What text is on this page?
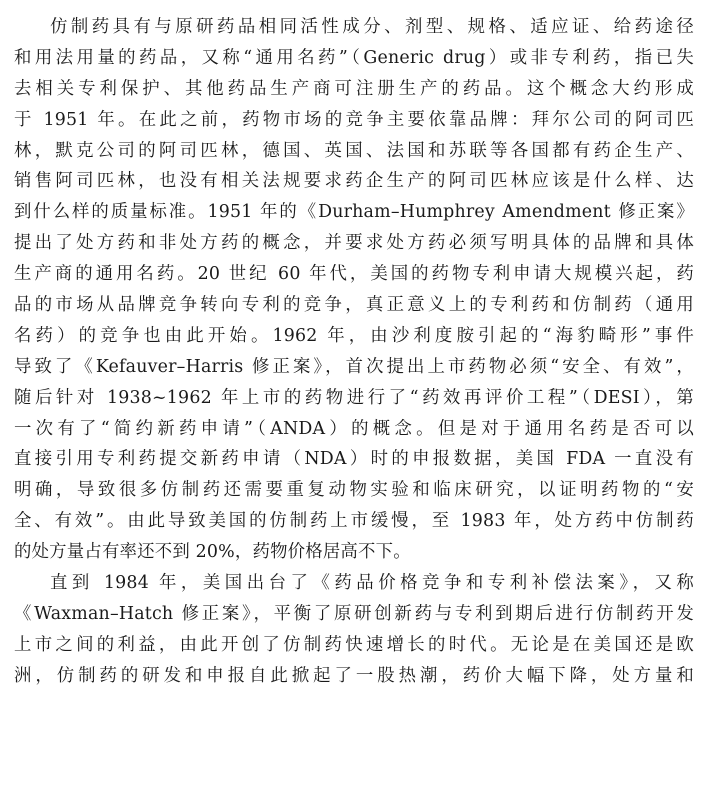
仿制药具有与原研药品相同活性成分、剂型、规格、适应证、给药途径
和用法用量的药品，又称“通用名药”（Generic drug）或非专利药，指已失
去相关专利保护、其他药品生产商可注册生产的药品。这个概念大约形成
于 1951 年。在此之前，药物市场的竞争主要依靠品牌：拜尔公司的阿司匹
林，默克公司的阿司匹林，德国、英国、法国和苏联等各国都有药企生产、
销售阿司匹林，也没有相关法规要求药企生产的阿司匹林应该是什么样、达
到什么样的质量标准。1951 年的《Durham–Humphrey Amendment 修正案》
提出了处方药和非处方药的概念，并要求处方药必须写明具体的品牌和具体
生产商的通用名药。20 世纪 60 年代，美国的药物专利申请大规模兴起，药
品的市场从品牌竞争转向专利的竞争，真正意义上的专利药和仿制药（通用
名药）的竞争也由此开始。1962 年，由沙利度胺引起的“海豹畸形”事件
导致了《Kefauver–Harris 修正案》，首次提出上市药物必须“安全、有效”，
随后针对 1938~1962 年上市的药物进行了“药效再评价工程”（DESI），第
一次有了“简约新药申请”（ANDA）的概念。但是对于通用名药是否可以
直接引用专利药提交新药申请（NDA）时的申报数据，美国 FDA 一直没有
明确，导致很多仿制药还需要重复动物实验和临床研究，以证明药物的“安
全、有效”。由此导致美国的仿制药上市缓慢，至 1983 年，处方药中仿制药
的处方量占有率还不到 20%，药物价格居高不下。
直到 1984 年，美国出台了《药品价格竞争和专利补偿法案》，又称
《Waxman–Hatch 修正案》，平衡了原研创新药与专利到期后进行仿制药开发
上市之间的利益，由此开创了仿制药快速增长的时代。无论是在美国还是欧
洲，仿制药的研发和申报自此掀起了一股热潮，药价大幅下降，处方量和
